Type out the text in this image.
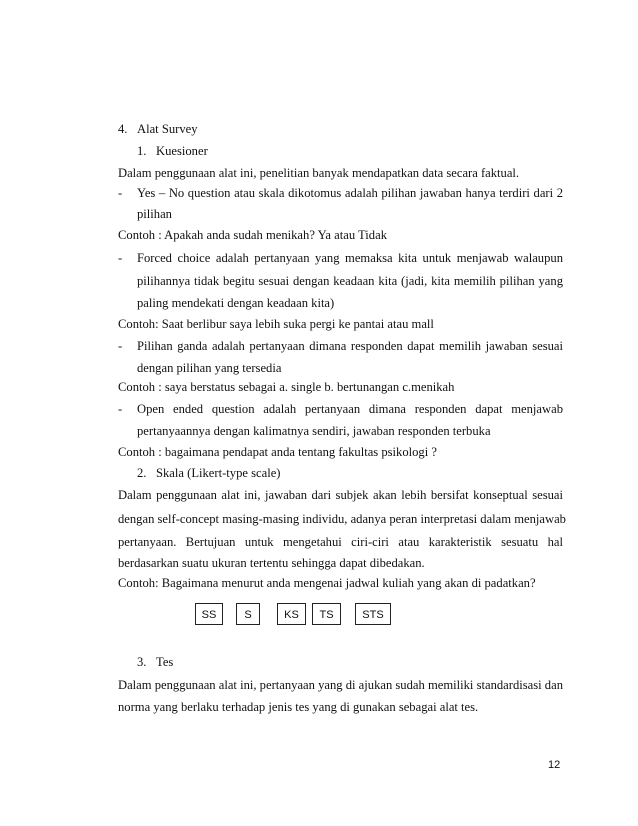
4. Alat Survey
1. Kuesioner
Dalam penggunaan alat ini, penelitian banyak mendapatkan data secara faktual.
- Yes – No question atau skala dikotomus adalah pilihan jawaban hanya terdiri dari 2
pilihan
Contoh : Apakah anda sudah menikah? Ya atau Tidak
- Forced choice adalah pertanyaan yang memaksa kita untuk menjawab walaupun
pilihannya tidak begitu sesuai dengan keadaan kita (jadi, kita memilih pilihan yang
paling mendekati dengan keadaan kita)
Contoh: Saat berlibur saya lebih suka pergi ke pantai atau mall
- Pilihan ganda adalah pertanyaan dimana responden dapat memilih jawaban sesuai
dengan pilihan yang tersedia
Contoh : saya berstatus sebagai a. single b. bertunangan c.menikah
- Open ended question adalah pertanyaan dimana responden dapat menjawab
pertanyaannya dengan kalimatnya sendiri, jawaban responden terbuka
Contoh : bagaimana pendapat anda tentang fakultas psikologi ?
2. Skala (Likert-type scale)
Dalam penggunaan alat ini, jawaban dari subjek akan lebih bersifat konseptual sesuai
dengan self-concept masing-masing individu, adanya peran interpretasi dalam menjawab
pertanyaan. Bertujuan untuk mengetahui ciri-ciri atau karakteristik sesuatu hal
berdasarkan suatu ukuran tertentu sehingga dapat dibedakan.
Contoh: Bagaimana menurut anda mengenai jadwal kuliah yang akan di padatkan?
SS	S	KS	TS	STS
3. Tes
Dalam penggunaan alat ini, pertanyaan yang di ajukan sudah memiliki standardisasi dan
norma yang berlaku terhadap jenis tes yang di gunakan sebagai alat tes.
12
